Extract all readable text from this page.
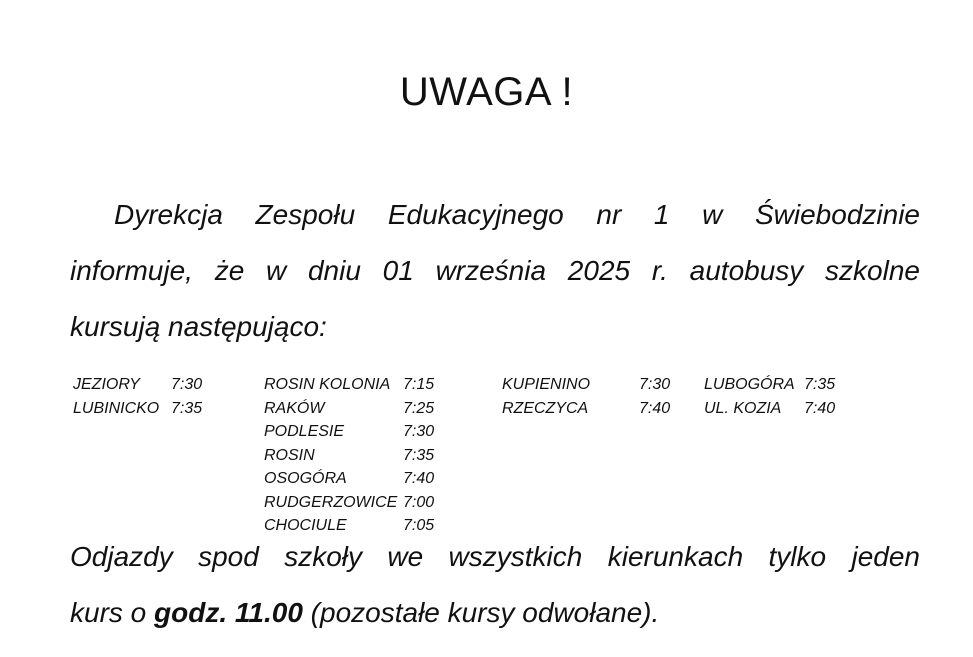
UWAGA !
Dyrekcja Zespołu Edukacyjnego nr 1 w Świebodzinie
informuje, że w dniu 01 września 2025 r. autobusy szkolne
kursują następująco:
JEZIORY	7:30
LUBINICKO 7:35
ROSIN KOLONIA 7:15
RAKÓW	7:25
PODLESIE	7:30
ROSIN	7:35
OSOGÓRA	7:40
RUDGERZOWICE 7:00
CHOCIULE	7:05
KUPIENINO	7:30
RZECZYCA	7:40
LUBOGÓRA 7:35
UL. KOZIA	7:40
Odjazdy spod szkoły we wszystkich kierunkach tylko jeden
kurs o godz. 11.00 (pozostałe kursy odwołane).
